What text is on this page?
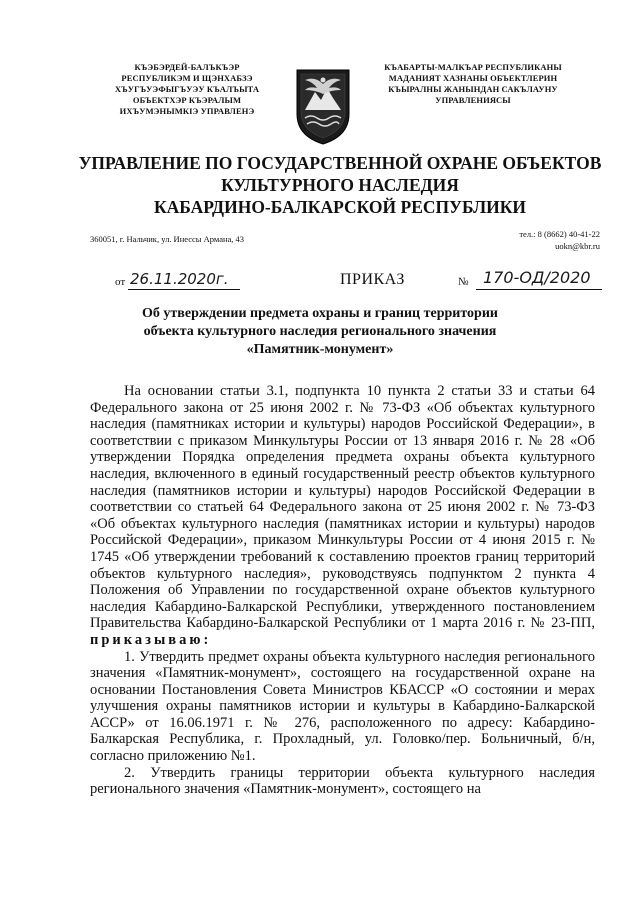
КЪЭБЭРДЕЙ-БАЛЪКЪЭР
РЕСПУБЛИКЭМ И ЩЭНХАБЗЭ
ХЪУГЪУЭФЫГЪУЭУ КЪАЛЪЫТА
ОБЪЕКТХЭР КЪЭРАЛЫМ
ИХЪУМЭНЫМКIЭ УПРАВЛЕНЭ
КЪАБАРТЫ-МАЛКЪАР РЕСПУБЛИКАНЫ
МАДАНИЯТ ХАЗНАНЫ ОБЪЕКТЛЕРИН
КЪЫРАЛНЫ ЖАНЫНДАН САКЪЛАУНУ
УПРАВЛЕНИЯСЫ
УПРАВЛЕНИЕ ПО ГОСУДАРСТВЕННОЙ ОХРАНЕ ОБЪЕКТОВ
КУЛЬТУРНОГО НАСЛЕДИЯ
КАБАРДИНО-БАЛКАРСКОЙ РЕСПУБЛИКИ
360051, г. Нальчик, ул. Инессы Армана, 43	тел.: 8 (8662) 40-41-22
uokn@kbr.ru
от 26.11.2020г.	ПРИКАЗ	№ 170-ОД/2020
Об утверждении предмета охраны и границ территории
объекта культурного наследия регионального значения
«Памятник-монумент»

На основании статьи 3.1, подпункта 10 пункта 2 статьи 33 и статьи 64 Федерального закона от 25 июня 2002 г. № 73-ФЗ «Об объектах культурного наследия (памятниках истории и культуры) народов Российской Федерации», в соответствии с приказом Минкультуры России от 13 января 2016 г. № 28 «Об утверждении Порядка определения предмета охраны объекта культурного наследия, включенного в единый государственный реестр объектов культурного наследия (памятников истории и культуры) народов Российской Федерации в соответствии со статьей 64 Федерального закона от 25 июня 2002 г. № 73-ФЗ «Об объектах культурного наследия (памятниках истории и культуры) народов Российской Федерации», приказом Минкультуры России от 4 июня 2015 г. № 1745 «Об утверждении требований к составлению проектов границ территорий объектов культурного наследия», руководствуясь подпунктом 2 пункта 4 Положения об Управлении по государственной охране объектов культурного наследия Кабардино-Балкарской Республики, утвержденного постановлением Правительства Кабардино-Балкарской Республики от 1 марта 2016 г. № 23-ПП, приказываю:

1. Утвердить предмет охраны объекта культурного наследия регионального значения «Памятник-монумент», состоящего на государственной охране на основании Постановления Совета Министров КБАССР «О состоянии и мерах улучшения охраны памятников истории и культуры в Кабардино-Балкарской АССР» от 16.06.1971 г. № 276, расположенного по адресу: Кабардино-Балкарская Республика, г. Прохладный, ул. Головко/пер. Больничный, б/н, согласно приложению №1.

2. Утвердить границы территории объекта культурного наследия регионального значения «Памятник-монумент», состоящего на
